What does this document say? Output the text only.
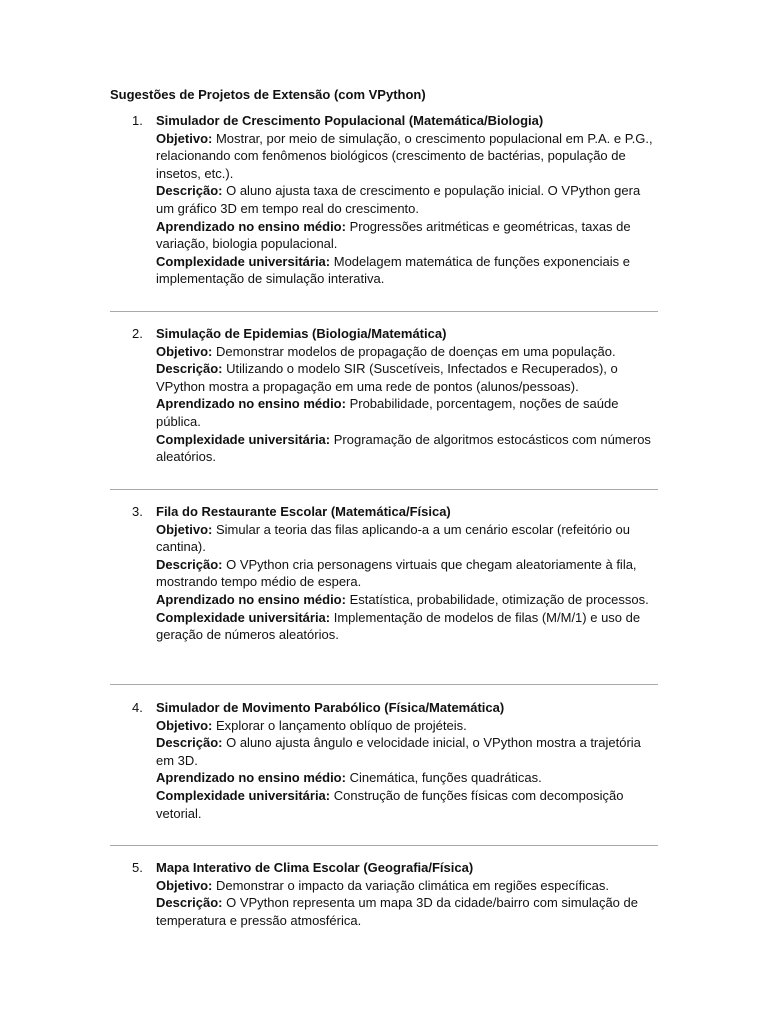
Sugestões de Projetos de Extensão (com VPython)
1. Simulador de Crescimento Populacional (Matemática/Biologia)

Objetivo: Mostrar, por meio de simulação, o crescimento populacional em P.A. e P.G., relacionando com fenômenos biológicos (crescimento de bactérias, população de insetos, etc.).

Descrição: O aluno ajusta taxa de crescimento e população inicial. O VPython gera um gráfico 3D em tempo real do crescimento.

Aprendizado no ensino médio: Progressões aritméticas e geométricas, taxas de variação, biologia populacional.

Complexidade universitária: Modelagem matemática de funções exponenciais e implementação de simulação interativa.

2. Simulação de Epidemias (Biologia/Matemática)

Objetivo: Demonstrar modelos de propagação de doenças em uma população.

Descrição: Utilizando o modelo SIR (Suscetíveis, Infectados e Recuperados), o VPython mostra a propagação em uma rede de pontos (alunos/pessoas).

Aprendizado no ensino médio: Probabilidade, porcentagem, noções de saúde pública.

Complexidade universitária: Programação de algoritmos estocásticos com números aleatórios.

3. Fila do Restaurante Escolar (Matemática/Física)

Objetivo: Simular a teoria das filas aplicando-a a um cenário escolar (refeitório ou cantina).

Descrição: O VPython cria personagens virtuais que chegam aleatoriamente à fila, mostrando tempo médio de espera.

Aprendizado no ensino médio: Estatística, probabilidade, otimização de processos.

Complexidade universitária: Implementação de modelos de filas (M/M/1) e uso de geração de números aleatórios.

4. Simulador de Movimento Parabólico (Física/Matemática)

Objetivo: Explorar o lançamento oblíquo de projéteis.

Descrição: O aluno ajusta ângulo e velocidade inicial, o VPython mostra a trajetória em 3D.

Aprendizado no ensino médio: Cinemática, funções quadráticas.

Complexidade universitária: Construção de funções físicas com decomposição vetorial.

5. Mapa Interativo de Clima Escolar (Geografia/Física)

Objetivo: Demonstrar o impacto da variação climática em regiões específicas.

Descrição: O VPython representa um mapa 3D da cidade/bairro com simulação de temperatura e pressão atmosférica.
